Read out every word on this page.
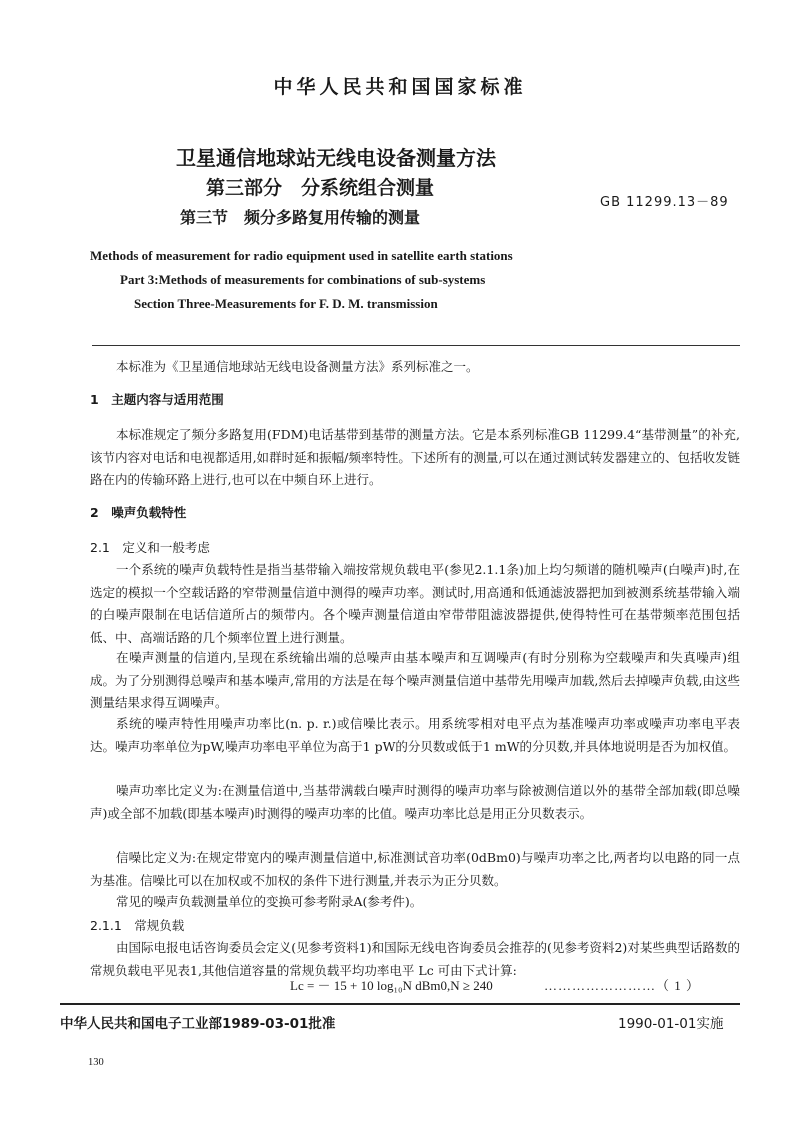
中华人民共和国国家标准
卫星通信地球站无线电设备测量方法
第三部分　分系统组合测量
第三节　频分多路复用传输的测量
GB 11299.13－89
Methods of measurement for radio equipment used in satellite earth stations
Part 3:Methods of measurements for combinations of sub-systems
Section Three-Measurements for F. D. M. transmission
本标准为《卫星通信地球站无线电设备测量方法》系列标准之一。
1　主题内容与适用范围
本标准规定了频分多路复用(FDM)电话基带到基带的测量方法。它是本系列标准GB 11299.4“基带测量”的补充,该节内容对电话和电视都适用,如群时延和振幅/频率特性。下述所有的测量,可以在通过测试转发器建立的、包括收发链路在内的传输环路上进行,也可以在中频自环上进行。
2　噪声负载特性
2.1　定义和一般考虑
一个系统的噪声负载特性是指当基带输入端按常规负载电平(参见2.1.1条)加上均匀频谱的随机噪声(白噪声)时,在选定的模拟一个空载话路的窄带测量信道中测得的噪声功率。测试时,用高通和低通滤波器把加到被测系统基带输入端的白噪声限制在电话信道所占的频带内。各个噪声测量信道由窄带带阻滤波器提供,使得特性可在基带频率范围包括低、中、高端话路的几个频率位置上进行测量。
在噪声测量的信道内,呈现在系统输出端的总噪声由基本噪声和互调噪声(有时分别称为空载噪声和失真噪声)组成。为了分别测得总噪声和基本噪声,常用的方法是在每个噪声测量信道中基带先用噪声加载,然后去掉噪声负载,由这些测量结果求得互调噪声。
系统的噪声特性用噪声功率比(n. p. r.)或信噪比表示。用系统零相对电平点为基准噪声功率或噪声功率电平表达。噪声功率单位为pW,噪声功率电平单位为高于1 pW的分贝数或低于1 mW的分贝数,并具体地说明是否为加权值。
噪声功率比定义为:在测量信道中,当基带满载白噪声时测得的噪声功率与除被测信道以外的基带全部加载(即总噪声)或全部不加载(即基本噪声)时测得的噪声功率的比值。噪声功率比总是用正分贝数表示。
信噪比定义为:在规定带宽内的噪声测量信道中,标准测试音功率(0dBm0)与噪声功率之比,两者均以电路的同一点为基准。信噪比可以在加权或不加权的条件下进行测量,并表示为正分贝数。
常见的噪声负载测量单位的变换可参考附录A(参考件)。
2.1.1　常规负载
由国际电报电话咨询委员会定义(见参考资料1)和国际无线电咨询委员会推荐的(见参考资料2)对某些典型话路数的常规负载电平见表1,其他信道容量的常规负载平均功率电平 Lc 可由下式计算:
Lc = － 15 + 10 log₁₀N dBm0,N ≥ 240	……………………（ 1 ）
中华人民共和国电子工业部1989-03-01批准	1990-01-01实施
130
